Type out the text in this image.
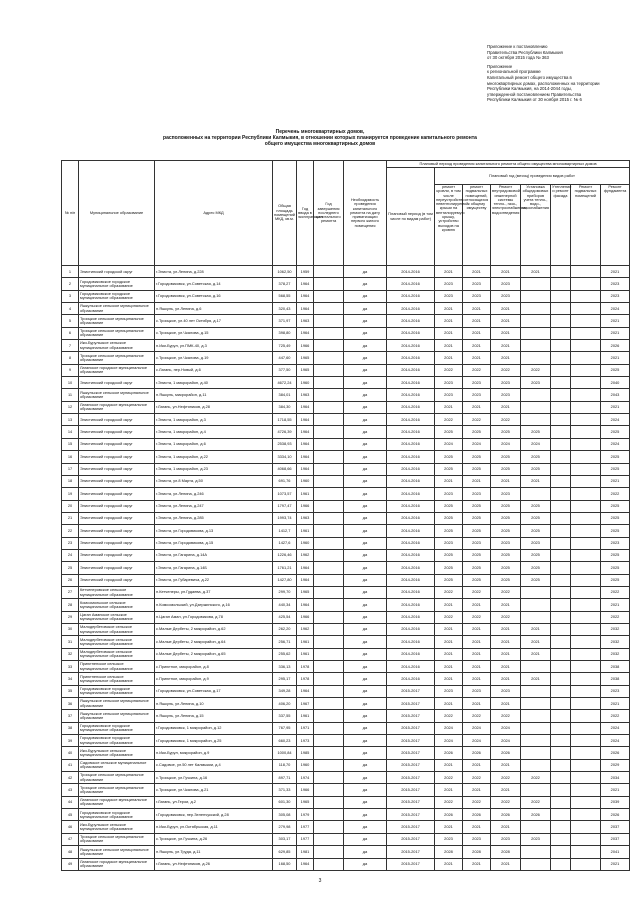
Приложение к постановлению
Правительства Республики Калмыкия
от 30 октября 2015 года № 363
Приложение
к региональной программе
Капитальный ремонт общего имущества в
многоквартирных домах, расположенных на территории
Республики Калмыкия, на 2014-2044 годы,
утвержденной постановлением Правительства
Республики Калмыкия от 30 ноября 2015 г. № 6
Перечень многоквартирных домов,
расположенных на территории Республики Калмыкия, в отношении которых планируется проведение капитального ремонта
общего имущества многоквартирных домов
№ п/п	Муниципальное образование	Адрес МКД	Общая площадь помещений МКД, кв.м.	Год ввода в эксплуатацию	Год завершения последнего капитального ремонта	Необходимость проведения капитального ремонта на дату приватизации первого жилого помещения	Плановый период проведения капитального ремонта общего имущества многоквартирных домов							
							Плановый период (в том числе по видам работ)	Плановый год (месяц) проведения видов работ						
								ремонт кровли, в том числе переустройство невентилируемой крыши на вентилируемую крышу, устройство выходов на кровлю	ремонт подвальных помещений, относящихся к общему имуществу	Ремонт внутридомовой инженерной системы тепло-, газо-, электроснабжения, водоотведения	Установка общедомовых приборов учета тепло-, водо-, газоснабжения	Утепление и ремонт фасада	Ремонт подвальных помещений	Ремонт фундамента
1	Элистинский городской округ	г.Элиста, ул.Ленина, д.228	1062,50	1959		да	2014-2016	2021	2021	2021	2021			2021
2	Городовиковское городское муниципальное образование	г.Городовиковск, ул.Советская, д.14	378,27	1964		да	2014-2016	2023	2023	2023				2023
3	Городовиковское городское муниципальное образование	г.Городовиковск, ул.Советская, д.16	568,55	1964		да	2014-2016	2023	2023	2023				2023
4	Яшкульское сельское муниципальное образование	п.Яшкуль, ул.Ленина, д.6	320,43	1964		да	2014-2016	2021	2021	2021				2024
5	Троицкое сельское муниципальное образование	с.Троицкое, ул.40 лет Октября, д.17	371,97	1963		да	2014-2016	2021	2021	2021				2021
6	Троицкое сельское муниципальное образование	с.Троицкое, ул.Чкалова, д.15	398,80	1964		да	2014-2016	2021	2021	2021				2021
7	Ики-Бурульское сельское муниципальное образование	п.Ики-Бурул, ул.ПМК-40, д.3	725,49	1966		да	2014-2016	2021	2021	2021				2026
8	Троицкое сельское муниципальное образование	с.Троицкое, ул.Чкалова, д.19	447,60	1965		да	2014-2016	2021	2021	2021				2021
9	Лаганское городское муниципальное образование	с.Лагань, пер.Новый, д.6	377,50	1965		да	2014-2016	2022	2022	2022	2022			2025
10	Элистинский городской округ	г.Элиста, 1 микрорайон, д.40	4672,24	1960		да	2014-2016	2023	2023	2023	2023			2040
11	Яшкульское сельское муниципальное образование	п.Яшкуль, микрорайон, д.11	384,01	1963		да	2014-2016	2023	2023	2023				2043
12	Лаганское городское муниципальное образование	г.Лагань, ул.Нефтяников, д.28	384,30	1964		да	2014-2016	2021	2021	2021				2021
13	Элистинский городской округ	г.Элиста, 1 микрорайон, д.3	1718,55	1964		да	2014-2016	2022	2022	2022				2024
14	Элистинский городской округ	г.Элиста, 1 микрорайон, д.4	4726,39	1964		да	2014-2016	2025	2025	2025	2025			2025
15	Элистинский городской округ	г.Элиста, 1 микрорайон, д.6	2538,93	1964		да	2014-2016	2024	2024	2024	2024			2024
16	Элистинский городской округ	г.Элиста, 1 микрорайон, д.22	3334,10	1964		да	2014-2016	2025	2025	2025	2025			2025
17	Элистинский городской округ	г.Элиста, 1 микрорайон, д.23	4068,66	1964		да	2014-2016	2025	2025	2025	2025			2025
18	Элистинский городской округ	г.Элиста, ул.8 Марта, д.50	691,76	1960		да	2014-2016	2021	2021	2021	2021			2021
19	Элистинский городской округ	г.Элиста, ул.Ленина, д.246	1073,57	1961		да	2014-2016	2023	2023	2023				2022
20	Элистинский городской округ	г.Элиста, ул.Ленина, д.247	1797,47	1966		да	2014-2016	2025	2025	2025	2025			2025
21	Элистинский городской округ	г.Элиста, ул.Ленина, д.285	1993,74	1963		да	2014-2016	2025	2025	2025	2025			2025
22	Элистинский городской округ	г.Элиста, ул.Городовикова, д.13	1412,7	1961		да	2014-2016	2025	2025	2025	2025			2025
23	Элистинский городской округ	г.Элиста, ул.Городовикова, д.15	1427,6	1960		да	2014-2016	2023	2023	2023	2023			2023
24	Элистинский городской округ	г.Элиста, ул.Гагарина, д.14А	1226,46	1962		да	2014-2016	2025	2025	2025	2025			2025
25	Элистинский городской округ	г.Элиста, ул.Гагарина, д.14Б	1761,21	1964		да	2014-2016	2025	2025	2025	2025			2025
26	Элистинский городской округ	г.Элиста, ул.Губаревича, д.22	1427,80	1964		да	2014-2016	2025	2025	2025	2025			2025
27	Кетченеровское сельское муниципальное образование	п.Кетченеры, ул.Гудаева, д.37	299,70	1965		да	2014-2016	2022	2022	2022				2022
28	Комсомольское сельское муниципальное образование	п.Комсомольский, ул.Дзержинского, д.16	440,34	1964		да	2014-2016	2021	2021	2021				2021
29	Цаган Аманское сельское муниципальное образование	п.Цаган Аман, ул.Городовикова, д.78	425,54	1966		да	2014-2016	2022	2022	2022				2022
30	Малодербетовское сельское муниципальное образование	с.Малые Дербеты, 2 микрорайон, д.62	262,20	1962		да	2014-2016	2021	2021	2021	2021			2032
31	Малодербетовское сельское муниципальное образование	с.Малые Дербеты, 2 микрорайон, д.64	256,71	1961		да	2014-2016	2021	2021	2021	2021			2032
32	Малодербетовское сельское муниципальное образование	с.Малые Дербеты, 2 микрорайон, д.65	255,62	1961		да	2014-2016	2021	2021	2021	2021			2032
33	Приютненское сельское муниципальное образование	с.Приютное, микрорайон, д.8	336,13	1978		да	2014-2016	2021	2021	2021				2038
34	Приютненское сельское муниципальное образование	с.Приютное, микрорайон, д.9	295,17	1978		да	2014-2016	2021	2021	2021	2021			2038
35	Городовиковское городское муниципальное образование	г.Городовиковск, ул.Советская, д.17	349,28	1964		да	2015-2017	2023	2023	2023				2023
36	Яшкульское сельское муниципальное образование	п.Яшкуль, ул.Ленина, д.10	406,20	1967		да	2015-2017	2021	2021	2021				2021
37	Яшкульское сельское муниципальное образование	п.Яшкуль, ул.Ленина, д.15	337,55	1961		да	2015-2017	2022	2022	2022				2022
38	Городовиковское городское муниципальное образование	г.Городовиковск, 1 микрорайон, д.12	767,95	1971		да	2015-2017	2024	2024	2024				2024
39	Городовиковское городское муниципальное образование	г.Городовиковск, 1 микрорайон, д.25	660,23	1973		да	2015-2017	2024	2024	2024				2024
40	Ики-Бурульское сельское муниципальное образование	п.Ики-Бурул, микрорайон, д.9	1000,84	1985		да	2015-2017	2026	2026	2026				2026
41	Садовское сельское муниципальное образование	с.Садовое, ул.50 лет Калмыкии, д.4	118,70	1960		да	2015-2017	2021	2021	2021				2029
42	Троицкое сельское муниципальное образование	с.Троицкое, ул.Гучкина, д.16	897,71	1974		да	2015-2017	2022	2022	2022	2022			2034
43	Троицкое сельское муниципальное образование	с.Троицкое, ул.Чкалова, д.21	371,33	1966		да	2015-2017	2021	2021	2021				2021
44	Лаганское городское муниципальное образование	г.Лагань, ул.Герои, д.2	601,30	1965		да	2015-2017	2022	2022	2022	2022			2039
45	Городовиковское городское муниципальное образование	г.Городовиковск, пер.Зеленчукский, д.28	305,08	1979		да	2015-2017	2026	2026	2026	2026			2026
46	Ики-Бурульское сельское муниципальное образование	п.Ики-Бурул, ул.Октябрьская, д.11	279,98	1977		да	2015-2017	2021	2021	2021				2037
47	Троицкое сельское муниципальное образование	с.Троицкое, ул.Гучкина, д.26	303,17	1977		да	2015-2017	2023	2023	2023	2023			2037
48	Яшкульское сельское муниципальное образование	п.Яшкуль, ул.Труда, д.11	629,85	1981		да	2015-2017	2028	2028	2028				2041
49	Лаганское городское муниципальное образование	г.Лагань, ул.Нефтяников, д.26	168,50	1964		да	2015-2017	2021	2021	2021				2021
3
